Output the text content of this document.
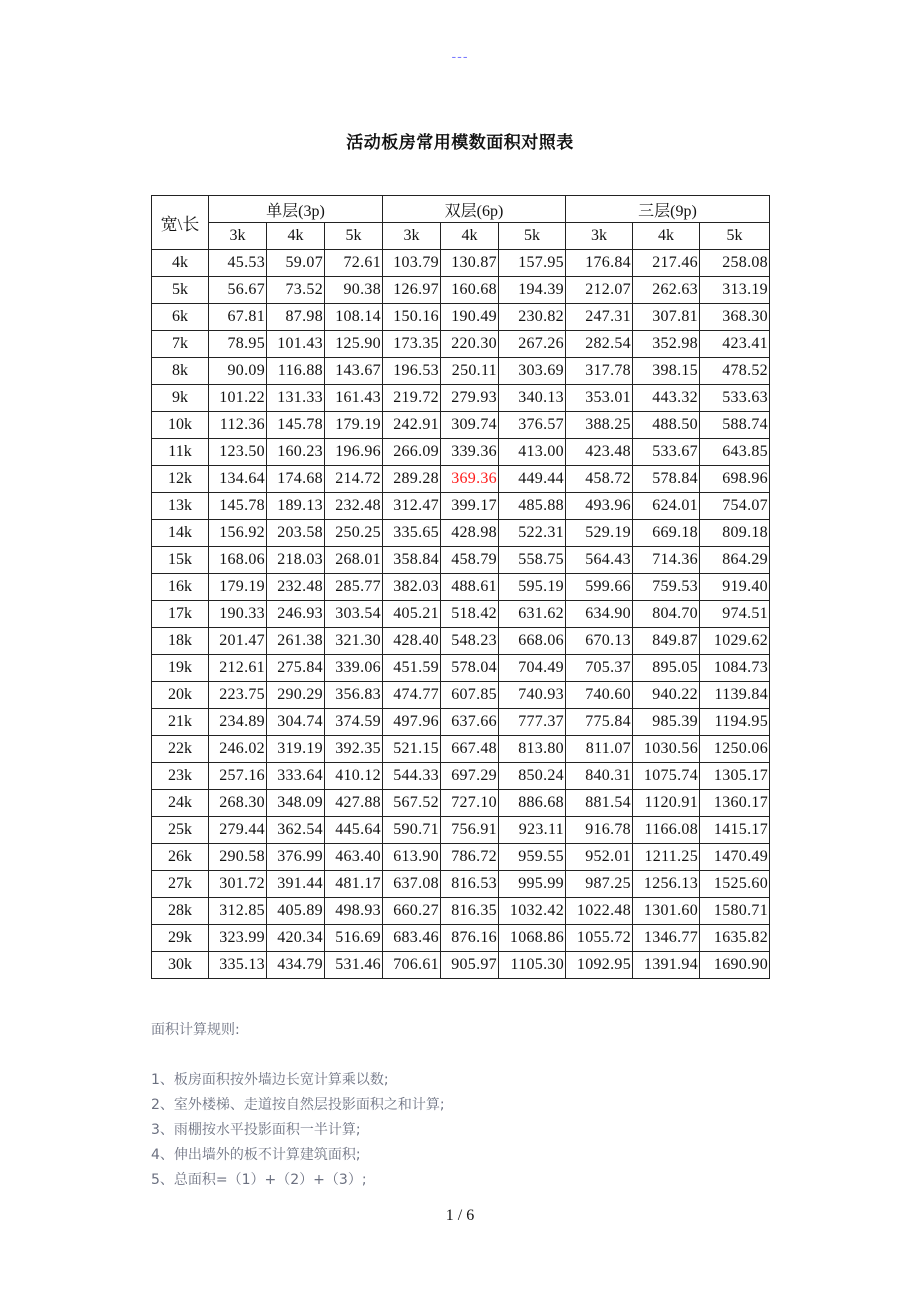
---
活动板房常用模数面积对照表
宽\长	单层(3p)			双层(6p)			三层(9p)		
	3k	4k	5k	3k	4k	5k	3k	4k	5k
4k	45.53	59.07	72.61	103.79	130.87	157.95	176.84	217.46	258.08
5k	56.67	73.52	90.38	126.97	160.68	194.39	212.07	262.63	313.19
6k	67.81	87.98	108.14	150.16	190.49	230.82	247.31	307.81	368.30
7k	78.95	101.43	125.90	173.35	220.30	267.26	282.54	352.98	423.41
8k	90.09	116.88	143.67	196.53	250.11	303.69	317.78	398.15	478.52
9k	101.22	131.33	161.43	219.72	279.93	340.13	353.01	443.32	533.63
10k	112.36	145.78	179.19	242.91	309.74	376.57	388.25	488.50	588.74
11k	123.50	160.23	196.96	266.09	339.36	413.00	423.48	533.67	643.85
12k	134.64	174.68	214.72	289.28	369.36	449.44	458.72	578.84	698.96
13k	145.78	189.13	232.48	312.47	399.17	485.88	493.96	624.01	754.07
14k	156.92	203.58	250.25	335.65	428.98	522.31	529.19	669.18	809.18
15k	168.06	218.03	268.01	358.84	458.79	558.75	564.43	714.36	864.29
16k	179.19	232.48	285.77	382.03	488.61	595.19	599.66	759.53	919.40
17k	190.33	246.93	303.54	405.21	518.42	631.62	634.90	804.70	974.51
18k	201.47	261.38	321.30	428.40	548.23	668.06	670.13	849.87	1029.62
19k	212.61	275.84	339.06	451.59	578.04	704.49	705.37	895.05	1084.73
20k	223.75	290.29	356.83	474.77	607.85	740.93	740.60	940.22	1139.84
21k	234.89	304.74	374.59	497.96	637.66	777.37	775.84	985.39	1194.95
22k	246.02	319.19	392.35	521.15	667.48	813.80	811.07	1030.56	1250.06
23k	257.16	333.64	410.12	544.33	697.29	850.24	840.31	1075.74	1305.17
24k	268.30	348.09	427.88	567.52	727.10	886.68	881.54	1120.91	1360.17
25k	279.44	362.54	445.64	590.71	756.91	923.11	916.78	1166.08	1415.17
26k	290.58	376.99	463.40	613.90	786.72	959.55	952.01	1211.25	1470.49
27k	301.72	391.44	481.17	637.08	816.53	995.99	987.25	1256.13	1525.60
28k	312.85	405.89	498.93	660.27	816.35	1032.42	1022.48	1301.60	1580.71
29k	323.99	420.34	516.69	683.46	876.16	1068.86	1055.72	1346.77	1635.82
30k	335.13	434.79	531.46	706.61	905.97	1105.30	1092.95	1391.94	1690.90
面积计算规则:
1、板房面积按外墙边长宽计算乘以数;
2、室外楼梯、走道按自然层投影面积之和计算;
3、雨棚按水平投影面积一半计算;
4、伸出墙外的板不计算建筑面积;
5、总面积=（1）+（2）+（3）;
1 / 6
